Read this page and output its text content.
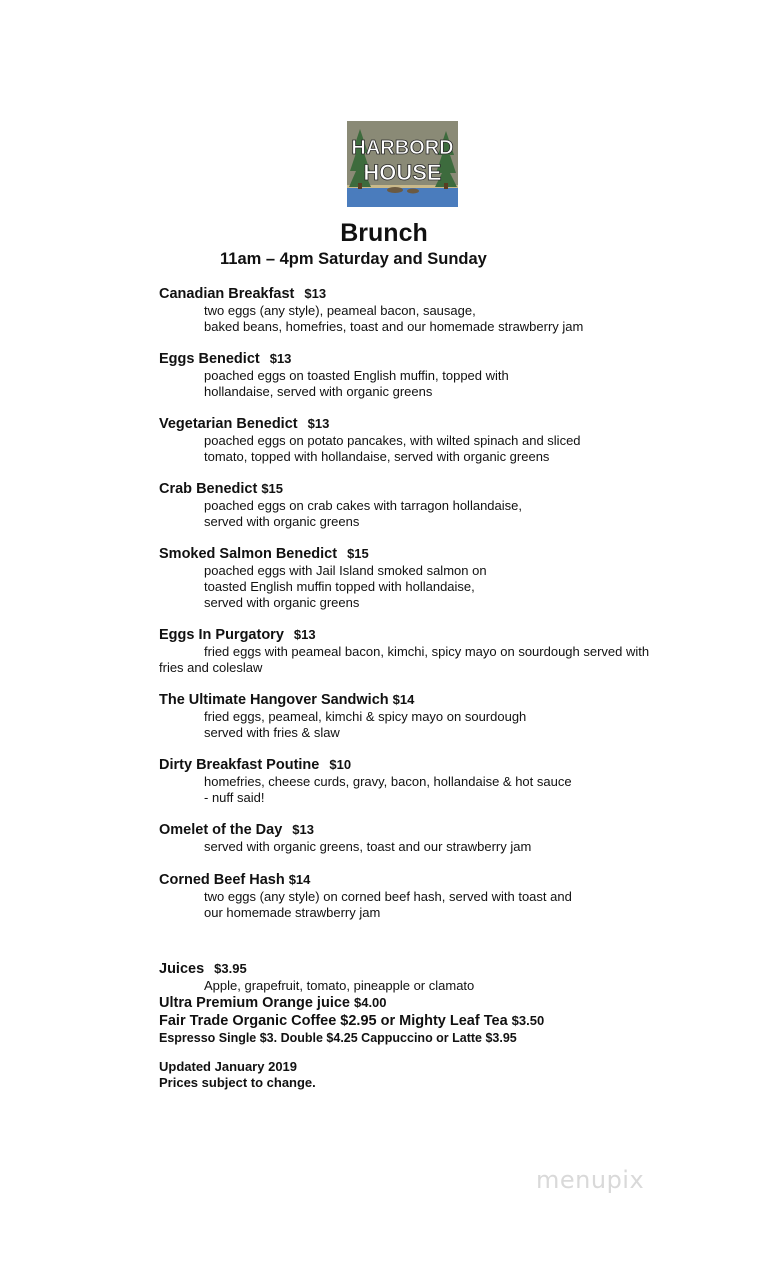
HARBORD
HOUSE
Brunch
11am – 4pm Saturday and Sunday
Canadian Breakfast $13
two eggs (any style), peameal bacon, sausage,
baked beans, homefries, toast and our homemade strawberry jam
Eggs Benedict $13
poached eggs on toasted English muffin, topped with
hollandaise, served with organic greens
Vegetarian Benedict $13
poached eggs on potato pancakes, with wilted spinach and sliced
tomato, topped with hollandaise, served with organic greens
Crab Benedict $15
poached eggs on crab cakes with tarragon hollandaise,
served with organic greens
Smoked Salmon Benedict $15
poached eggs with Jail Island smoked salmon on
toasted English muffin topped with hollandaise,
served with organic greens
Eggs In Purgatory $13
fried eggs with peameal bacon, kimchi, spicy mayo on sourdough served with fries and coleslaw
The Ultimate Hangover Sandwich $14
fried eggs, peameal, kimchi & spicy mayo on sourdough
served with fries & slaw
Dirty Breakfast Poutine $10
homefries, cheese curds, gravy, bacon, hollandaise & hot sauce
- nuff said!
Omelet of the Day $13
served with organic greens, toast and our strawberry jam
Corned Beef Hash $14
two eggs (any style) on corned beef hash, served with toast and
our homemade strawberry jam
Juices $3.95
Apple, grapefruit, tomato, pineapple or clamato
Ultra Premium Orange juice $4.00
Fair Trade Organic Coffee $2.95 or Mighty Leaf Tea $3.50
Espresso Single $3. Double $4.25 Cappuccino or Latte $3.95
Updated January 2019
Prices subject to change.
menupix
